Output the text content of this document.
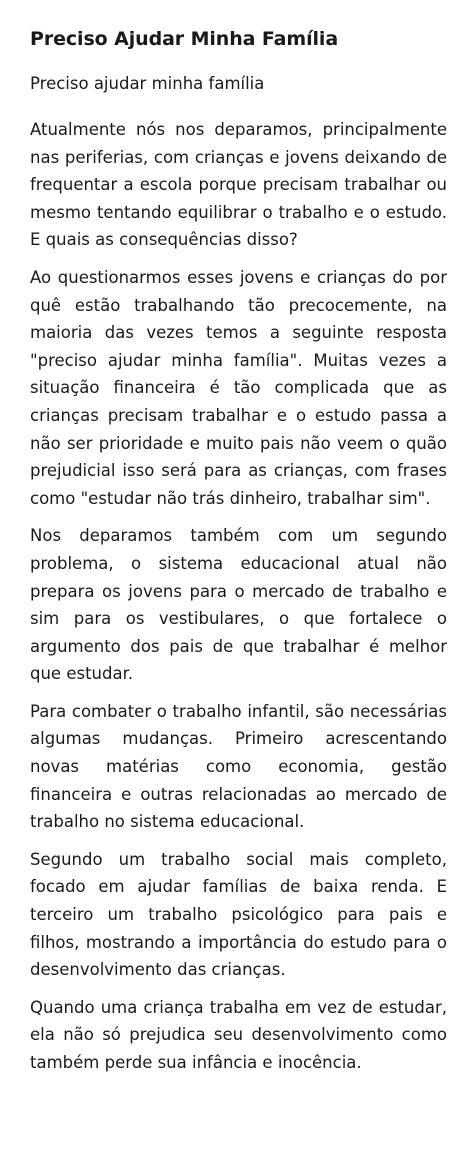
Preciso Ajudar Minha Família

Preciso ajudar minha família

Atualmente nós nos deparamos, principalmente nas periferias, com crianças e jovens deixando de frequentar a escola porque precisam trabalhar ou mesmo tentando equilibrar o trabalho e o estudo. E quais as consequências disso?

Ao questionarmos esses jovens e crianças do por quê estão trabalhando tão precocemente, na maioria das vezes temos a seguinte resposta "preciso ajudar minha família". Muitas vezes a situação financeira é tão complicada que as crianças precisam trabalhar e o estudo passa a não ser prioridade e muito pais não veem o quão prejudicial isso será para as crianças, com frases como "estudar não trás dinheiro, trabalhar sim".

Nos deparamos também com um segundo problema, o sistema educacional atual não prepara os jovens para o mercado de trabalho e sim para os vestibulares, o que fortalece o argumento dos pais de que trabalhar é melhor que estudar.

Para combater o trabalho infantil, são necessárias algumas mudanças. Primeiro acrescentando novas matérias como economia, gestão financeira e outras relacionadas ao mercado de trabalho no sistema educacional.

Segundo um trabalho social mais completo, focado em ajudar famílias de baixa renda. E terceiro um trabalho psicológico para pais e filhos, mostrando a importância do estudo para o desenvolvimento das crianças.

Quando uma criança trabalha em vez de estudar, ela não só prejudica seu desenvolvimento como também perde sua infância e inocência.
